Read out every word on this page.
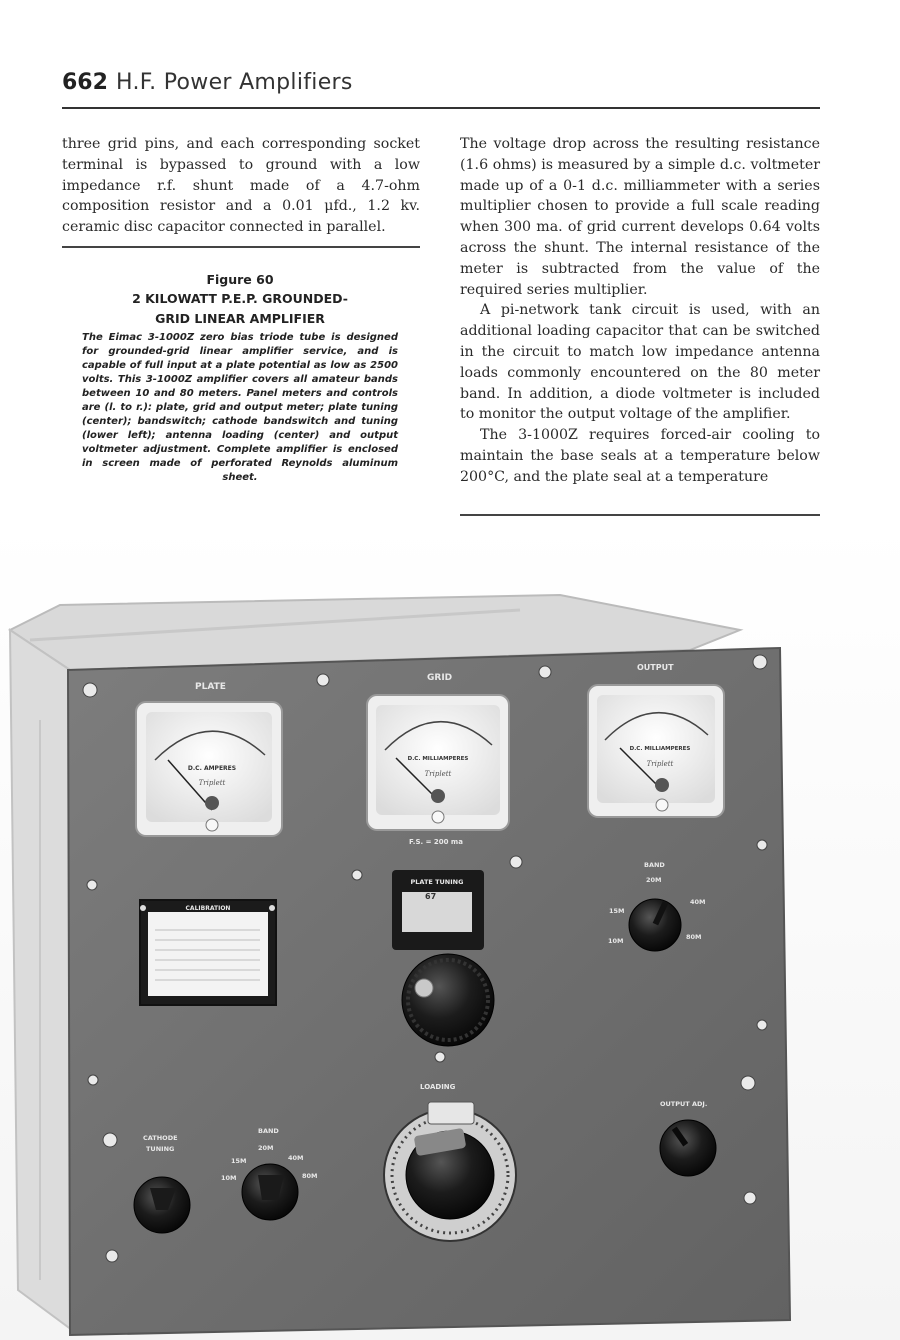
662 H.F. Power Amplifiers

three grid pins, and each corresponding socket terminal is bypassed to ground with a low impedance r.f. shunt made of a 4.7-ohm composition resistor and a 0.01 μfd., 1.2 kv. ceramic disc capacitor connected in parallel.

Figure 60
2 KILOWATT P.E.P. GROUNDED-
GRID LINEAR AMPLIFIER
The Eimac 3-1000Z zero bias triode tube is designed for grounded-grid linear amplifier service, and is capable of full input at a plate potential as low as 2500 volts. This 3-1000Z amplifier covers all amateur bands between 10 and 80 meters. Panel meters and controls are (l. to r.): plate, grid and output meter; plate tuning (center); bandswitch; cathode bandswitch and tuning (lower left); antenna loading (center) and output voltmeter adjustment. Complete amplifier is enclosed in screen made of perforated Reynolds aluminum sheet.

The voltage drop across the resulting resistance (1.6 ohms) is measured by a simple d.c. voltmeter made up of a 0-1 d.c. milliammeter with a series multiplier chosen to provide a full scale reading when 300 ma. of grid current develops 0.64 volts across the shunt. The internal resistance of the meter is subtracted from the value of the required series multiplier.

A pi-network tank circuit is used, with an additional loading capacitor that can be switched in the circuit to match low impedance antenna loads commonly encountered on the 80 meter band. In addition, a diode voltmeter is included to monitor the output voltage of the amplifier.

The 3-1000Z requires forced-air cooling to maintain the base seals at a temperature below 200°C, and the plate seal at a temperature

PLATE
GRID
OUTPUT
D.C. AMPERES
Triplett
D.C. MILLIAMPERES
Triplett
F.S. = 200 ma
D.C. MILLIAMPERES
Triplett
CALIBRATION
PLATE TUNING
67
BAND
20M
15M
40M
10M	80M
LOADING
OUTPUT ADJ.
CATHODE
TUNING
BAND
20M
15M	40M
10M	80M
